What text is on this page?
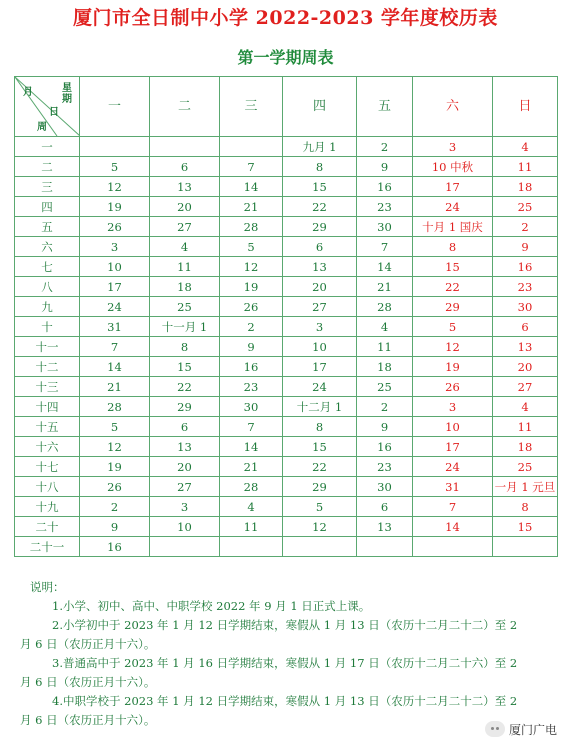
厦门市全日制中小学 2022-2023 学年度校历表
第一学期周表
月 星期
日
周	一	二	三	四	五	六	日
一				九月 1	2	3	4
二	5	6	7	8	9	10 中秋	11
三	12	13	14	15	16	17	18
四	19	20	21	22	23	24	25
五	26	27	28	29	30	十月 1 国庆	2
六	3	4	5	6	7	8	9
七	10	11	12	13	14	15	16
八	17	18	19	20	21	22	23
九	24	25	26	27	28	29	30
十	31	十一月 1	2	3	4	5	6
十一	7	8	9	10	11	12	13
十二	14	15	16	17	18	19	20
十三	21	22	23	24	25	26	27
十四	28	29	30	十二月 1	2	3	4
十五	5	6	7	8	9	10	11
十六	12	13	14	15	16	17	18
十七	19	20	21	22	23	24	25
十八	26	27	28	29	30	31	一月 1 元旦
十九	2	3	4	5	6	7	8
二十	9	10	11	12	13	14	15
二十一	16						

说明：

1.小学、初中、高中、中职学校 2022 年 9 月 1 日正式上课。

2.小学初中于 2023 年 1 月 12 日学期结束，寒假从 1 月 13 日（农历十二月二十二）至 2

月 6 日（农历正月十六）。

3.普通高中于 2023 年 1 月 16 日学期结束，寒假从 1 月 17 日（农历十二月二十六）至 2

月 6 日（农历正月十六）。

4.中职学校于 2023 年 1 月 12 日学期结束，寒假从 1 月 13 日（农历十二月二十二）至 2

月 6 日（农历正月十六）。

厦门广电
